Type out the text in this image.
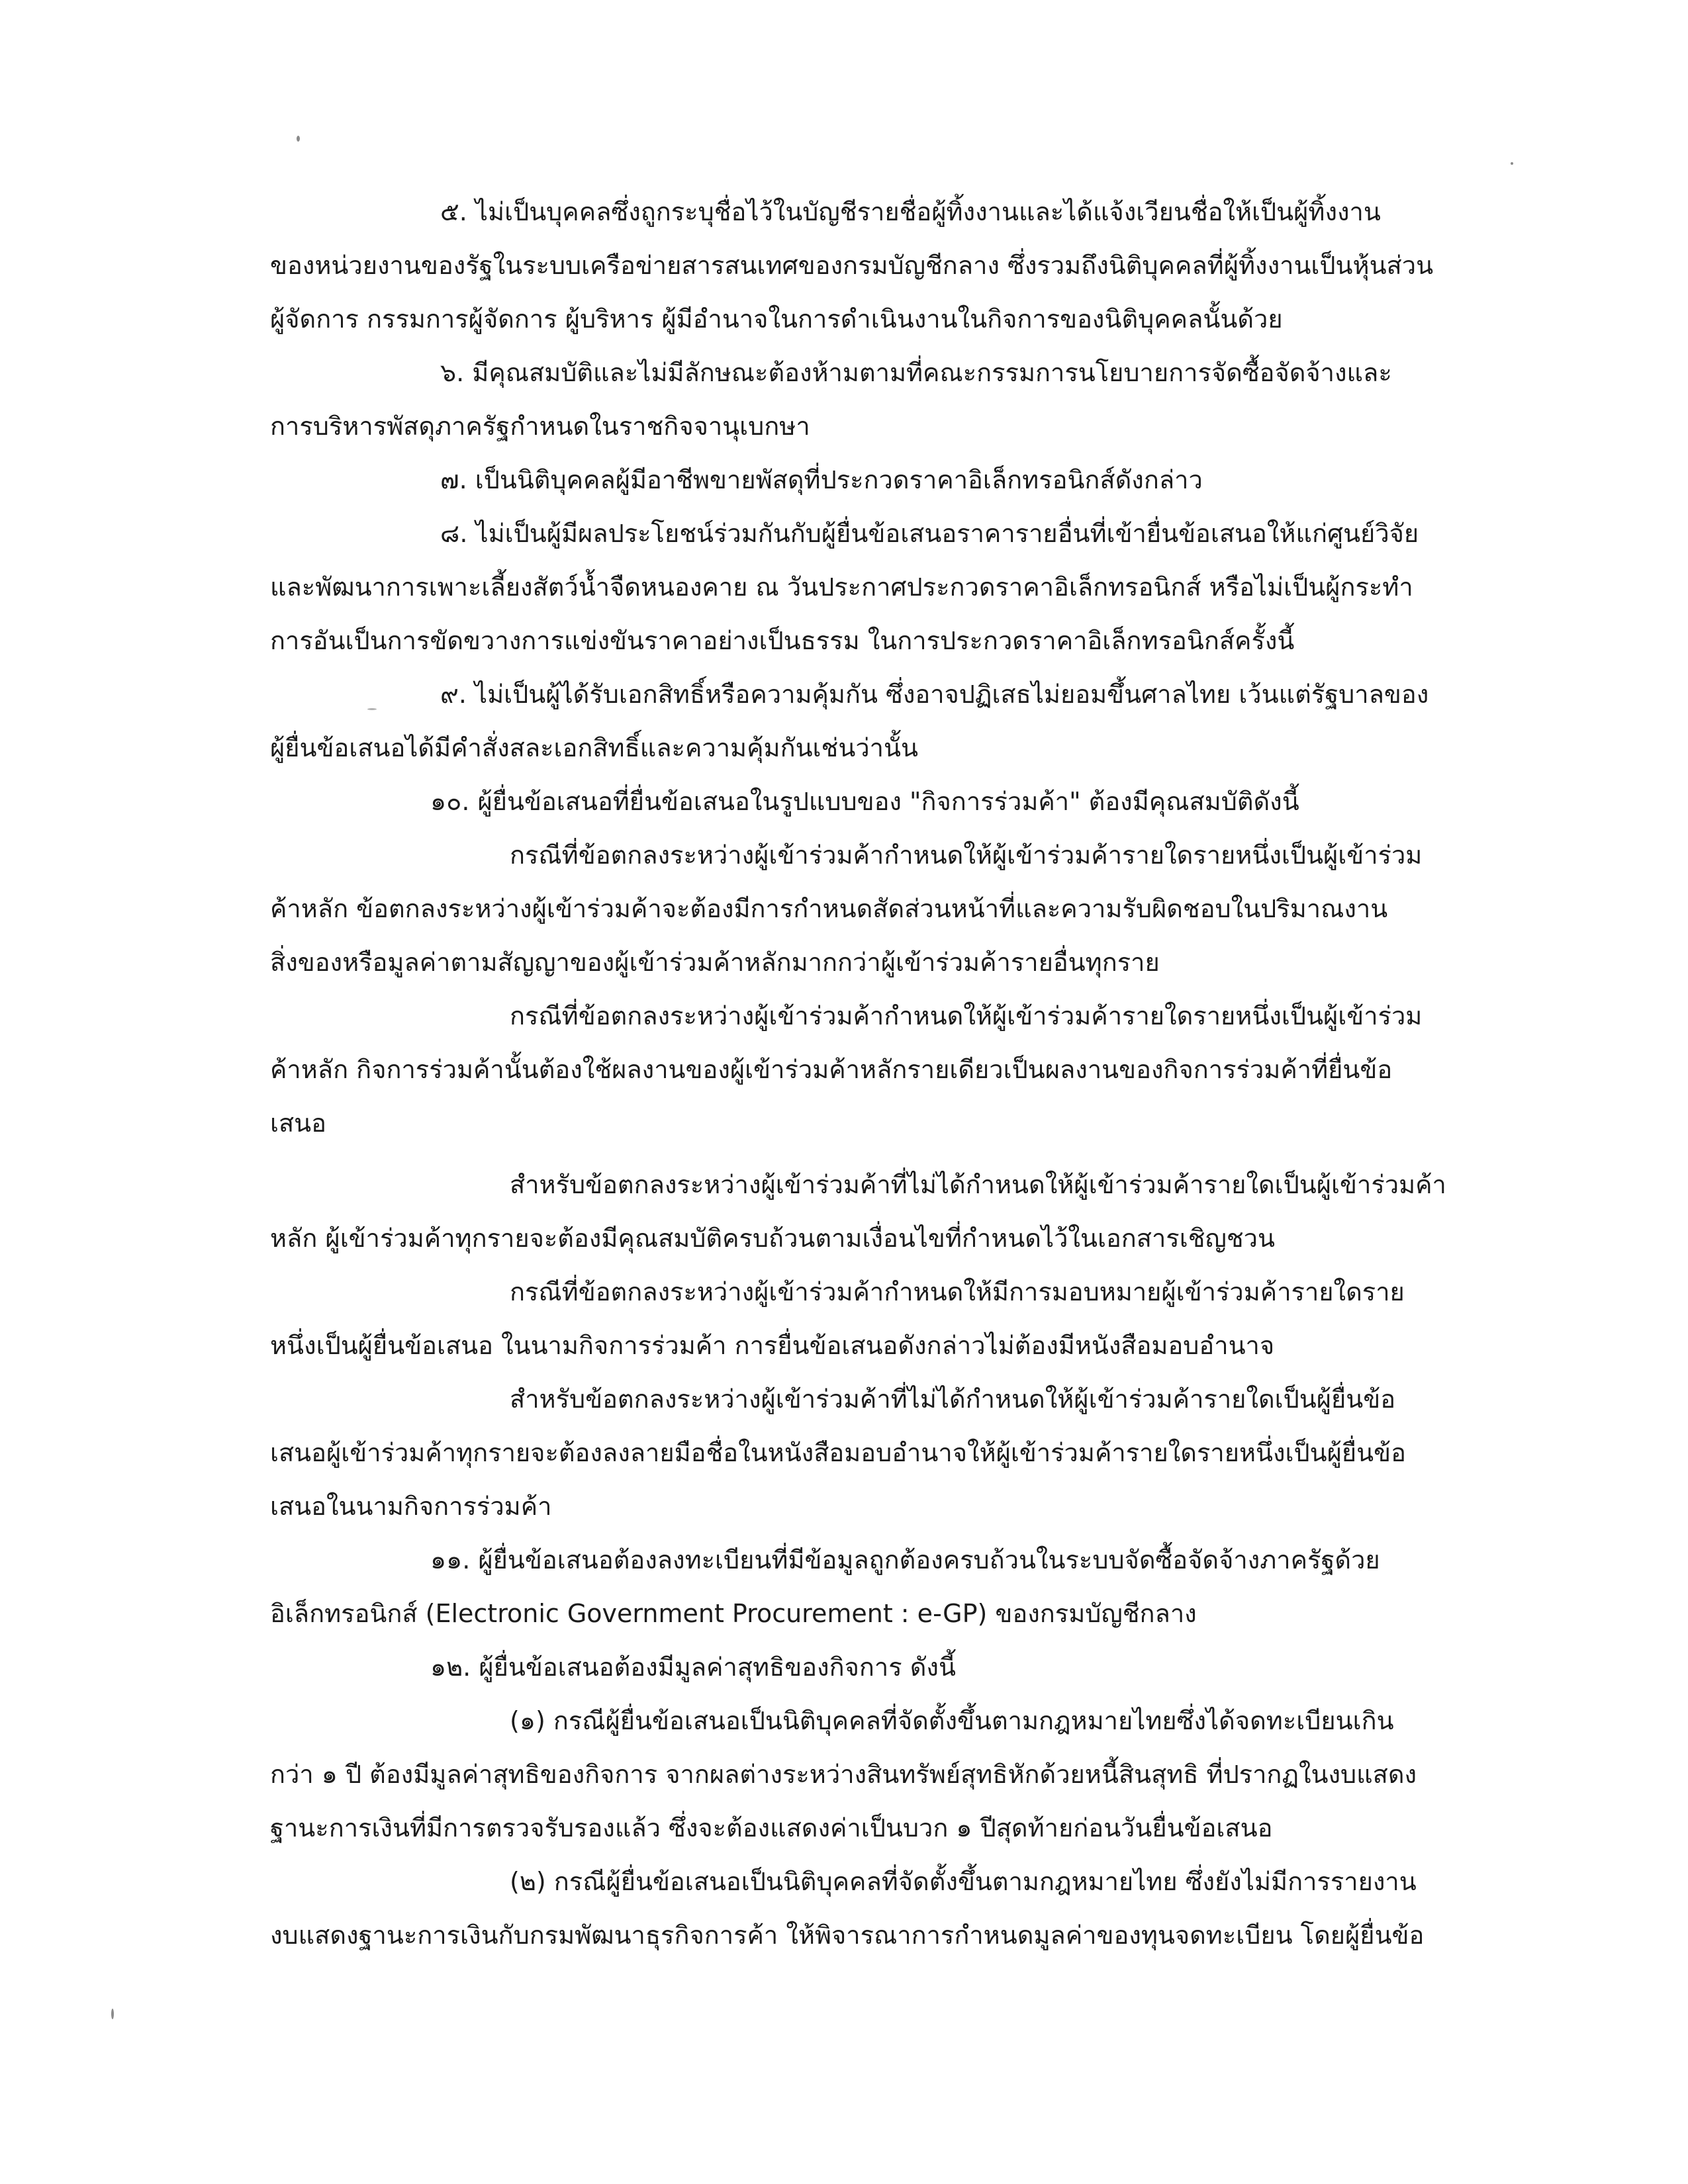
๕. ไม่เป็นบุคคลซึ่งถูกระบุชื่อไว้ในบัญชีรายชื่อผู้ทิ้งงานและได้แจ้งเวียนชื่อให้เป็นผู้ทิ้งงาน
ของหน่วยงานของรัฐในระบบเครือข่ายสารสนเทศของกรมบัญชีกลาง ซึ่งรวมถึงนิติบุคคลที่ผู้ทิ้งงานเป็นหุ้นส่วน
ผู้จัดการ กรรมการผู้จัดการ ผู้บริหาร ผู้มีอำนาจในการดำเนินงานในกิจการของนิติบุคคลนั้นด้วย
๖. มีคุณสมบัติและไม่มีลักษณะต้องห้ามตามที่คณะกรรมการนโยบายการจัดซื้อจัดจ้างและ
การบริหารพัสดุภาครัฐกำหนดในราชกิจจานุเบกษา
๗. เป็นนิติบุคคลผู้มีอาชีพขายพัสดุที่ประกวดราคาอิเล็กทรอนิกส์ดังกล่าว
๘. ไม่เป็นผู้มีผลประโยชน์ร่วมกันกับผู้ยื่นข้อเสนอราคารายอื่นที่เข้ายื่นข้อเสนอให้แก่ศูนย์วิจัย
และพัฒนาการเพาะเลี้ยงสัตว์น้ำจืดหนองคาย ณ วันประกาศประกวดราคาอิเล็กทรอนิกส์ หรือไม่เป็นผู้กระทำ
การอันเป็นการขัดขวางการแข่งขันราคาอย่างเป็นธรรม ในการประกวดราคาอิเล็กทรอนิกส์ครั้งนี้
๙. ไม่เป็นผู้ได้รับเอกสิทธิ์หรือความคุ้มกัน ซึ่งอาจปฏิเสธไม่ยอมขึ้นศาลไทย เว้นแต่รัฐบาลของ
ผู้ยื่นข้อเสนอได้มีคำสั่งสละเอกสิทธิ์และความคุ้มกันเช่นว่านั้น
๑๐. ผู้ยื่นข้อเสนอที่ยื่นข้อเสนอในรูปแบบของ "กิจการร่วมค้า" ต้องมีคุณสมบัติดังนี้
กรณีที่ข้อตกลงระหว่างผู้เข้าร่วมค้ากำหนดให้ผู้เข้าร่วมค้ารายใดรายหนึ่งเป็นผู้เข้าร่วม
ค้าหลัก ข้อตกลงระหว่างผู้เข้าร่วมค้าจะต้องมีการกำหนดสัดส่วนหน้าที่และความรับผิดชอบในปริมาณงาน
สิ่งของหรือมูลค่าตามสัญญาของผู้เข้าร่วมค้าหลักมากกว่าผู้เข้าร่วมค้ารายอื่นทุกราย
กรณีที่ข้อตกลงระหว่างผู้เข้าร่วมค้ากำหนดให้ผู้เข้าร่วมค้ารายใดรายหนึ่งเป็นผู้เข้าร่วม
ค้าหลัก กิจการร่วมค้านั้นต้องใช้ผลงานของผู้เข้าร่วมค้าหลักรายเดียวเป็นผลงานของกิจการร่วมค้าที่ยื่นข้อ
เสนอ
สำหรับข้อตกลงระหว่างผู้เข้าร่วมค้าที่ไม่ได้กำหนดให้ผู้เข้าร่วมค้ารายใดเป็นผู้เข้าร่วมค้า
หลัก ผู้เข้าร่วมค้าทุกรายจะต้องมีคุณสมบัติครบถ้วนตามเงื่อนไขที่กำหนดไว้ในเอกสารเชิญชวน
กรณีที่ข้อตกลงระหว่างผู้เข้าร่วมค้ากำหนดให้มีการมอบหมายผู้เข้าร่วมค้ารายใดราย
หนึ่งเป็นผู้ยื่นข้อเสนอ ในนามกิจการร่วมค้า การยื่นข้อเสนอดังกล่าวไม่ต้องมีหนังสือมอบอำนาจ
สำหรับข้อตกลงระหว่างผู้เข้าร่วมค้าที่ไม่ได้กำหนดให้ผู้เข้าร่วมค้ารายใดเป็นผู้ยื่นข้อ
เสนอผู้เข้าร่วมค้าทุกรายจะต้องลงลายมือชื่อในหนังสือมอบอำนาจให้ผู้เข้าร่วมค้ารายใดรายหนึ่งเป็นผู้ยื่นข้อ
เสนอในนามกิจการร่วมค้า
๑๑. ผู้ยื่นข้อเสนอต้องลงทะเบียนที่มีข้อมูลถูกต้องครบถ้วนในระบบจัดซื้อจัดจ้างภาครัฐด้วย
อิเล็กทรอนิกส์ (Electronic Government Procurement : e-GP) ของกรมบัญชีกลาง
๑๒. ผู้ยื่นข้อเสนอต้องมีมูลค่าสุทธิของกิจการ ดังนี้
(๑) กรณีผู้ยื่นข้อเสนอเป็นนิติบุคคลที่จัดตั้งขึ้นตามกฎหมายไทยซึ่งได้จดทะเบียนเกิน
กว่า ๑ ปี ต้องมีมูลค่าสุทธิของกิจการ จากผลต่างระหว่างสินทรัพย์สุทธิหักด้วยหนี้สินสุทธิ ที่ปรากฏในงบแสดง
ฐานะการเงินที่มีการตรวจรับรองแล้ว ซึ่งจะต้องแสดงค่าเป็นบวก ๑ ปีสุดท้ายก่อนวันยื่นข้อเสนอ
(๒) กรณีผู้ยื่นข้อเสนอเป็นนิติบุคคลที่จัดตั้งขึ้นตามกฎหมายไทย ซึ่งยังไม่มีการรายงาน
งบแสดงฐานะการเงินกับกรมพัฒนาธุรกิจการค้า ให้พิจารณาการกำหนดมูลค่าของทุนจดทะเบียน โดยผู้ยื่นข้อ
